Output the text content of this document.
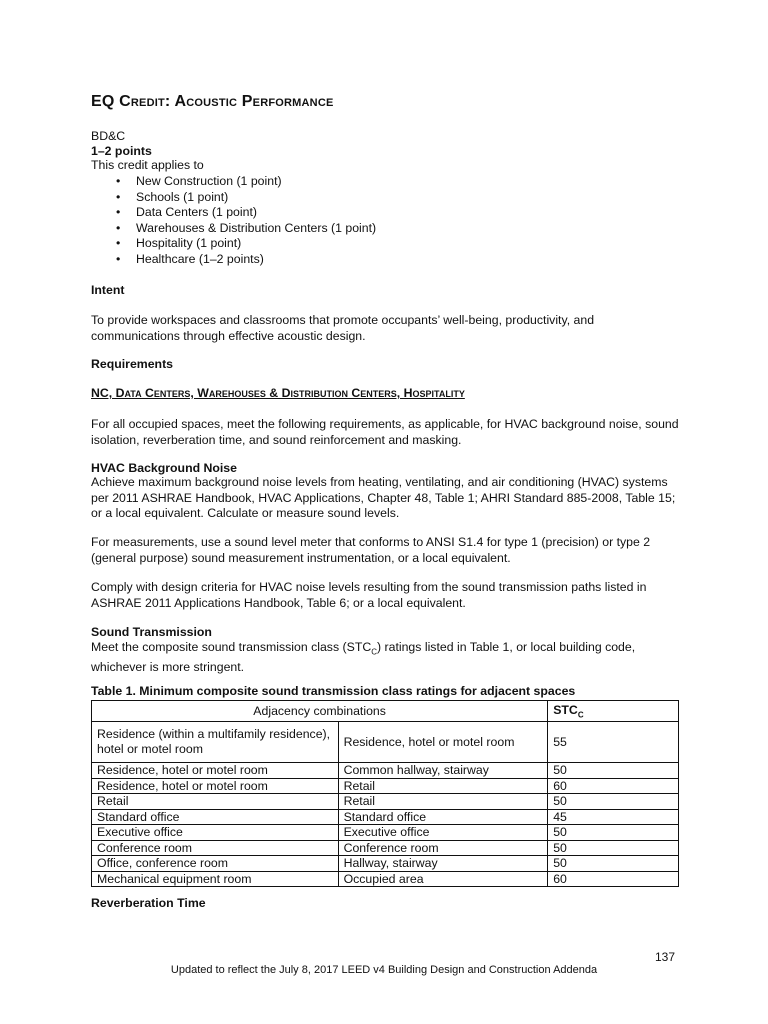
EQ Credit: Acoustic Performance
BD&C
1–2 points
This credit applies to
• New Construction (1 point)
• Schools (1 point)
• Data Centers (1 point)
• Warehouses & Distribution Centers (1 point)
• Hospitality (1 point)
• Healthcare (1–2 points)
Intent

To provide workspaces and classrooms that promote occupants’ well-being, productivity, and communications through effective acoustic design.

Requirements
NC, Data Centers, Warehouses & Distribution Centers, Hospitality

For all occupied spaces, meet the following requirements, as applicable, for HVAC background noise, sound isolation, reverberation time, and sound reinforcement and masking.

HVAC Background Noise

Achieve maximum background noise levels from heating, ventilating, and air conditioning (HVAC) systems per 2011 ASHRAE Handbook, HVAC Applications, Chapter 48, Table 1; AHRI Standard 885-2008, Table 15; or a local equivalent. Calculate or measure sound levels.

For measurements, use a sound level meter that conforms to ANSI S1.4 for type 1 (precision) or type 2 (general purpose) sound measurement instrumentation, or a local equivalent.

Comply with design criteria for HVAC noise levels resulting from the sound transmission paths listed in ASHRAE 2011 Applications Handbook, Table 6; or a local equivalent.

Sound Transmission

Meet the composite sound transmission class $(STC_C)$ ratings listed in Table 1, or local building code, whichever is more stringent.

Table 1. Minimum composite sound transmission class ratings for adjacent spaces
Adjacency combinations		$STC_C$
Residence (within a multifamily residence), hotel or motel room	Residence, hotel or motel room	55
Residence, hotel or motel room	Common hallway, stairway	50
Residence, hotel or motel room	Retail	60
Retail	Retail	50
Standard office	Standard office	45
Executive office	Executive office	50
Conference room	Conference room	50
Office, conference room	Hallway, stairway	50
Mechanical equipment room	Occupied area	60
Reverberation Time
137
Updated to reflect the July 8, 2017 LEED v4 Building Design and Construction Addenda
